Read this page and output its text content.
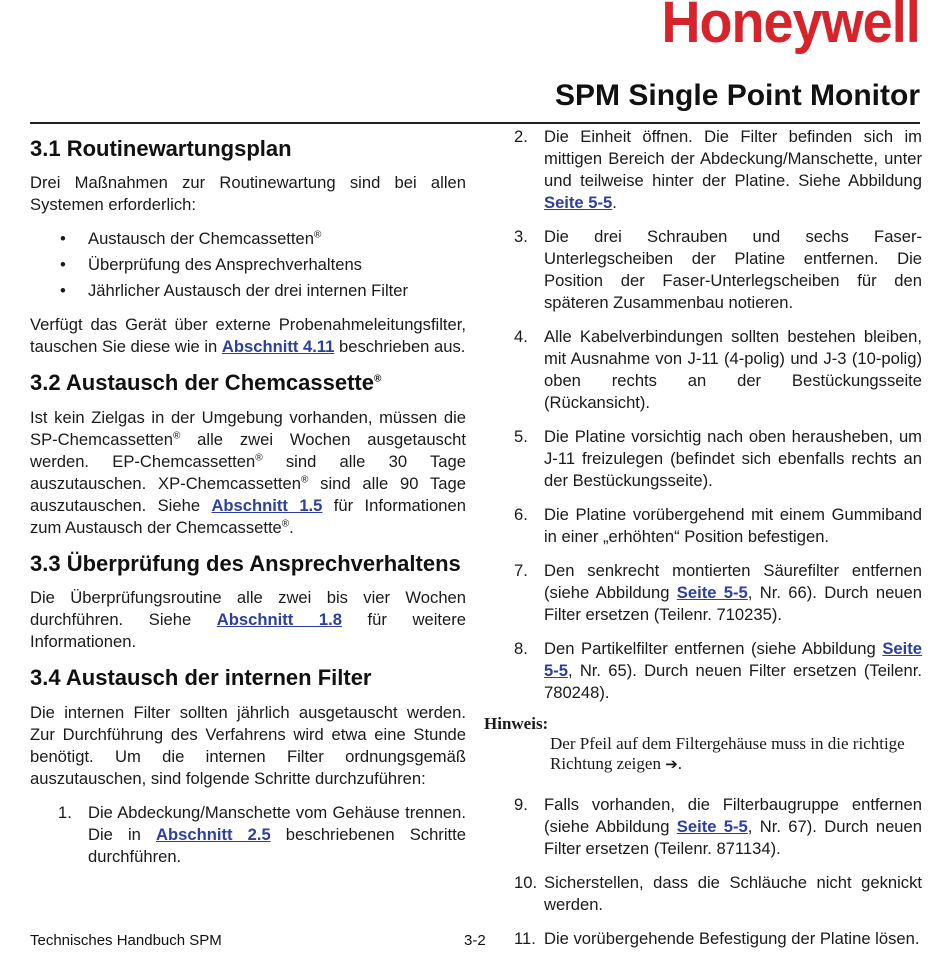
Honeywell
SPM Single Point Monitor
3.1 Routinewartungsplan

Drei Maßnahmen zur Routinewartung sind bei allen Systemen erforderlich:

• Austausch der Chemcassetten®
• Überprüfung des Ansprechverhaltens
• Jährlicher Austausch der drei internen Filter

Verfügt das Gerät über externe Probenahmeleitungsfilter, tauschen Sie diese wie in Abschnitt 4.11 beschrieben aus.

3.2 Austausch der Chemcassette®

Ist kein Zielgas in der Umgebung vorhanden, müssen die SP-Chemcassetten® alle zwei Wochen ausgetauscht werden. EP-Chemcassetten® sind alle 30 Tage auszutauschen. XP-Chemcassetten® sind alle 90 Tage auszutauschen. Siehe Abschnitt 1.5 für Informationen zum Austausch der Chemcassette®.

3.3 Überprüfung des Ansprechverhaltens

Die Überprüfungsroutine alle zwei bis vier Wochen durchführen. Siehe Abschnitt 1.8 für weitere Informationen.

3.4 Austausch der internen Filter

Die internen Filter sollten jährlich ausgetauscht werden. Zur Durchführung des Verfahrens wird etwa eine Stunde benötigt. Um die internen Filter ordnungsgemäß auszutauschen, sind folgende Schritte durchzuführen:

1. Die Abdeckung/Manschette vom Gehäuse trennen. Die in Abschnitt 2.5 beschriebenen Schritte durchführen.
2. Die Einheit öffnen. Die Filter befinden sich im mittigen Bereich der Abdeckung/Manschette, unter und teilweise hinter der Platine. Siehe Abbildung Seite 5-5.
3. Die drei Schrauben und sechs Faser-Unterlegscheiben der Platine entfernen. Die Position der Faser-Unterlegscheiben für den späteren Zusammenbau notieren.
4. Alle Kabelverbindungen sollten bestehen bleiben, mit Ausnahme von J-11 (4-polig) und J-3 (10-polig) oben rechts an der Bestückungsseite (Rückansicht).
5. Die Platine vorsichtig nach oben herausheben, um J-11 freizulegen (befindet sich ebenfalls rechts an der Bestückungsseite).
6. Die Platine vorübergehend mit einem Gummiband in einer „erhöhten“ Position befestigen.
7. Den senkrecht montierten Säurefilter entfernen (siehe Abbildung Seite 5-5, Nr. 66). Durch neuen Filter ersetzen (Teilenr. 710235).
8. Den Partikelfilter entfernen (siehe Abbildung Seite 5-5, Nr. 65). Durch neuen Filter ersetzen (Teilenr. 780248).
Hinweis:
Der Pfeil auf dem Filtergehäuse muss in die richtige Richtung zeigen ➔.
9. Falls vorhanden, die Filterbaugruppe entfernen (siehe Abbildung Seite 5-5, Nr. 67). Durch neuen Filter ersetzen (Teilenr. 871134).
10. Sicherstellen, dass die Schläuche nicht geknickt werden.
11. Die vorübergehende Befestigung der Platine lösen.
Technisches Handbuch SPM	3-2
